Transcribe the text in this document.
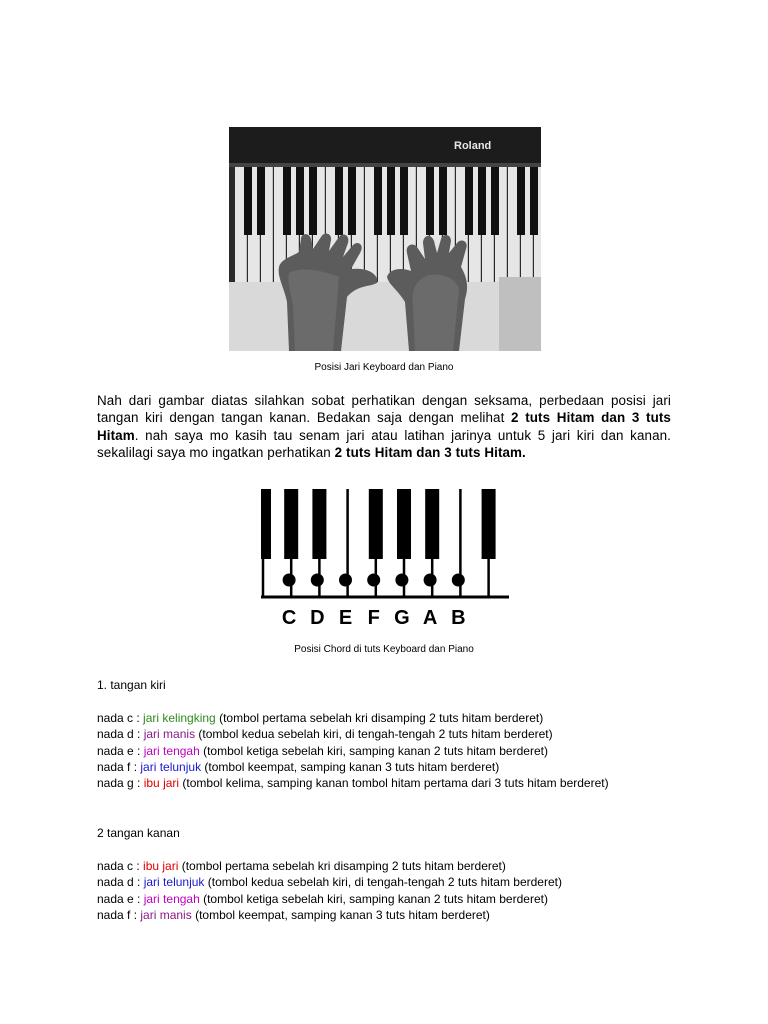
Roland
Posisi Jari Keyboard dan Piano
Nah dari gambar diatas silahkan sobat perhatikan dengan seksama, perbedaan posisi jari tangan kiri dengan tangan kanan. Bedakan saja dengan melihat 2 tuts Hitam dan 3 tuts Hitam. nah saya mo kasih tau senam jari atau latihan jarinya untuk 5 jari kiri dan kanan. sekalilagi saya mo ingatkan perhatikan 2 tuts Hitam dan 3 tuts Hitam.
C D E F G A B
Posisi Chord di tuts Keyboard dan Piano
1. tangan kiri
nada c : jari kelingking (tombol pertama sebelah kri disamping 2 tuts hitam berderet)
nada d : jari manis (tombol kedua sebelah kiri, di tengah-tengah 2 tuts hitam berderet)
nada e : jari tengah (tombol ketiga sebelah kiri, samping kanan 2 tuts hitam berderet)
nada f : jari telunjuk (tombol keempat, samping kanan 3 tuts hitam berderet)
nada g : ibu jari (tombol kelima, samping kanan tombol hitam pertama dari 3 tuts hitam berderet)
2 tangan kanan
nada c : ibu jari (tombol pertama sebelah kri disamping 2 tuts hitam berderet)
nada d : jari telunjuk (tombol kedua sebelah kiri, di tengah-tengah 2 tuts hitam berderet)
nada e : jari tengah (tombol ketiga sebelah kiri, samping kanan 2 tuts hitam berderet)
nada f : jari manis (tombol keempat, samping kanan 3 tuts hitam berderet)
